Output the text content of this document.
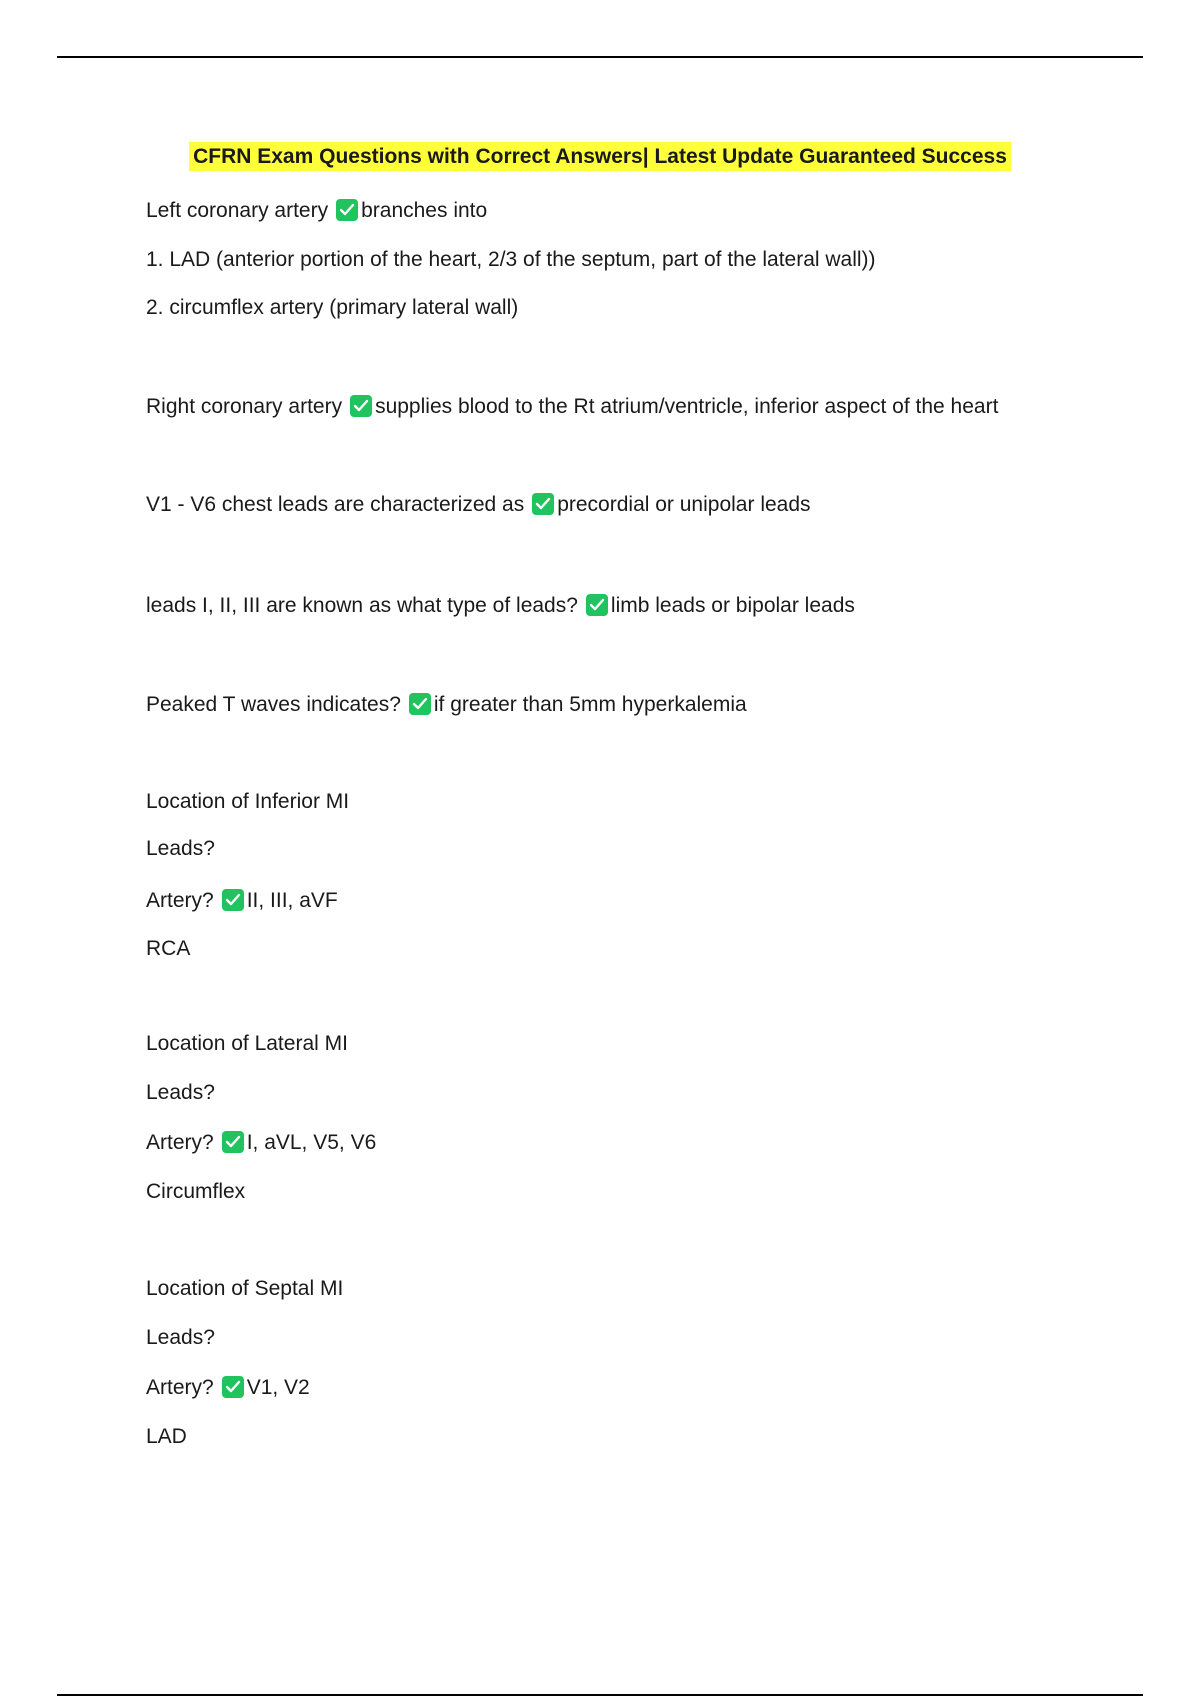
CFRN Exam Questions with Correct Answers| Latest Update Guaranteed Success
Left coronary artery branches into
1. LAD (anterior portion of the heart, 2/3 of the septum, part of the lateral wall))
2. circumflex artery (primary lateral wall)
Right coronary artery supplies blood to the Rt atrium/ventricle, inferior aspect of the heart
V1 - V6 chest leads are characterized as precordial or unipolar leads
leads I, II, III are known as what type of leads? limb leads or bipolar leads
Peaked T waves indicates? if greater than 5mm hyperkalemia
Location of Inferior MI
Leads?
Artery? II, III, aVF
RCA
Location of Lateral MI
Leads?
Artery? I, aVL, V5, V6
Circumflex
Location of Septal MI
Leads?
Artery? V1, V2
LAD
